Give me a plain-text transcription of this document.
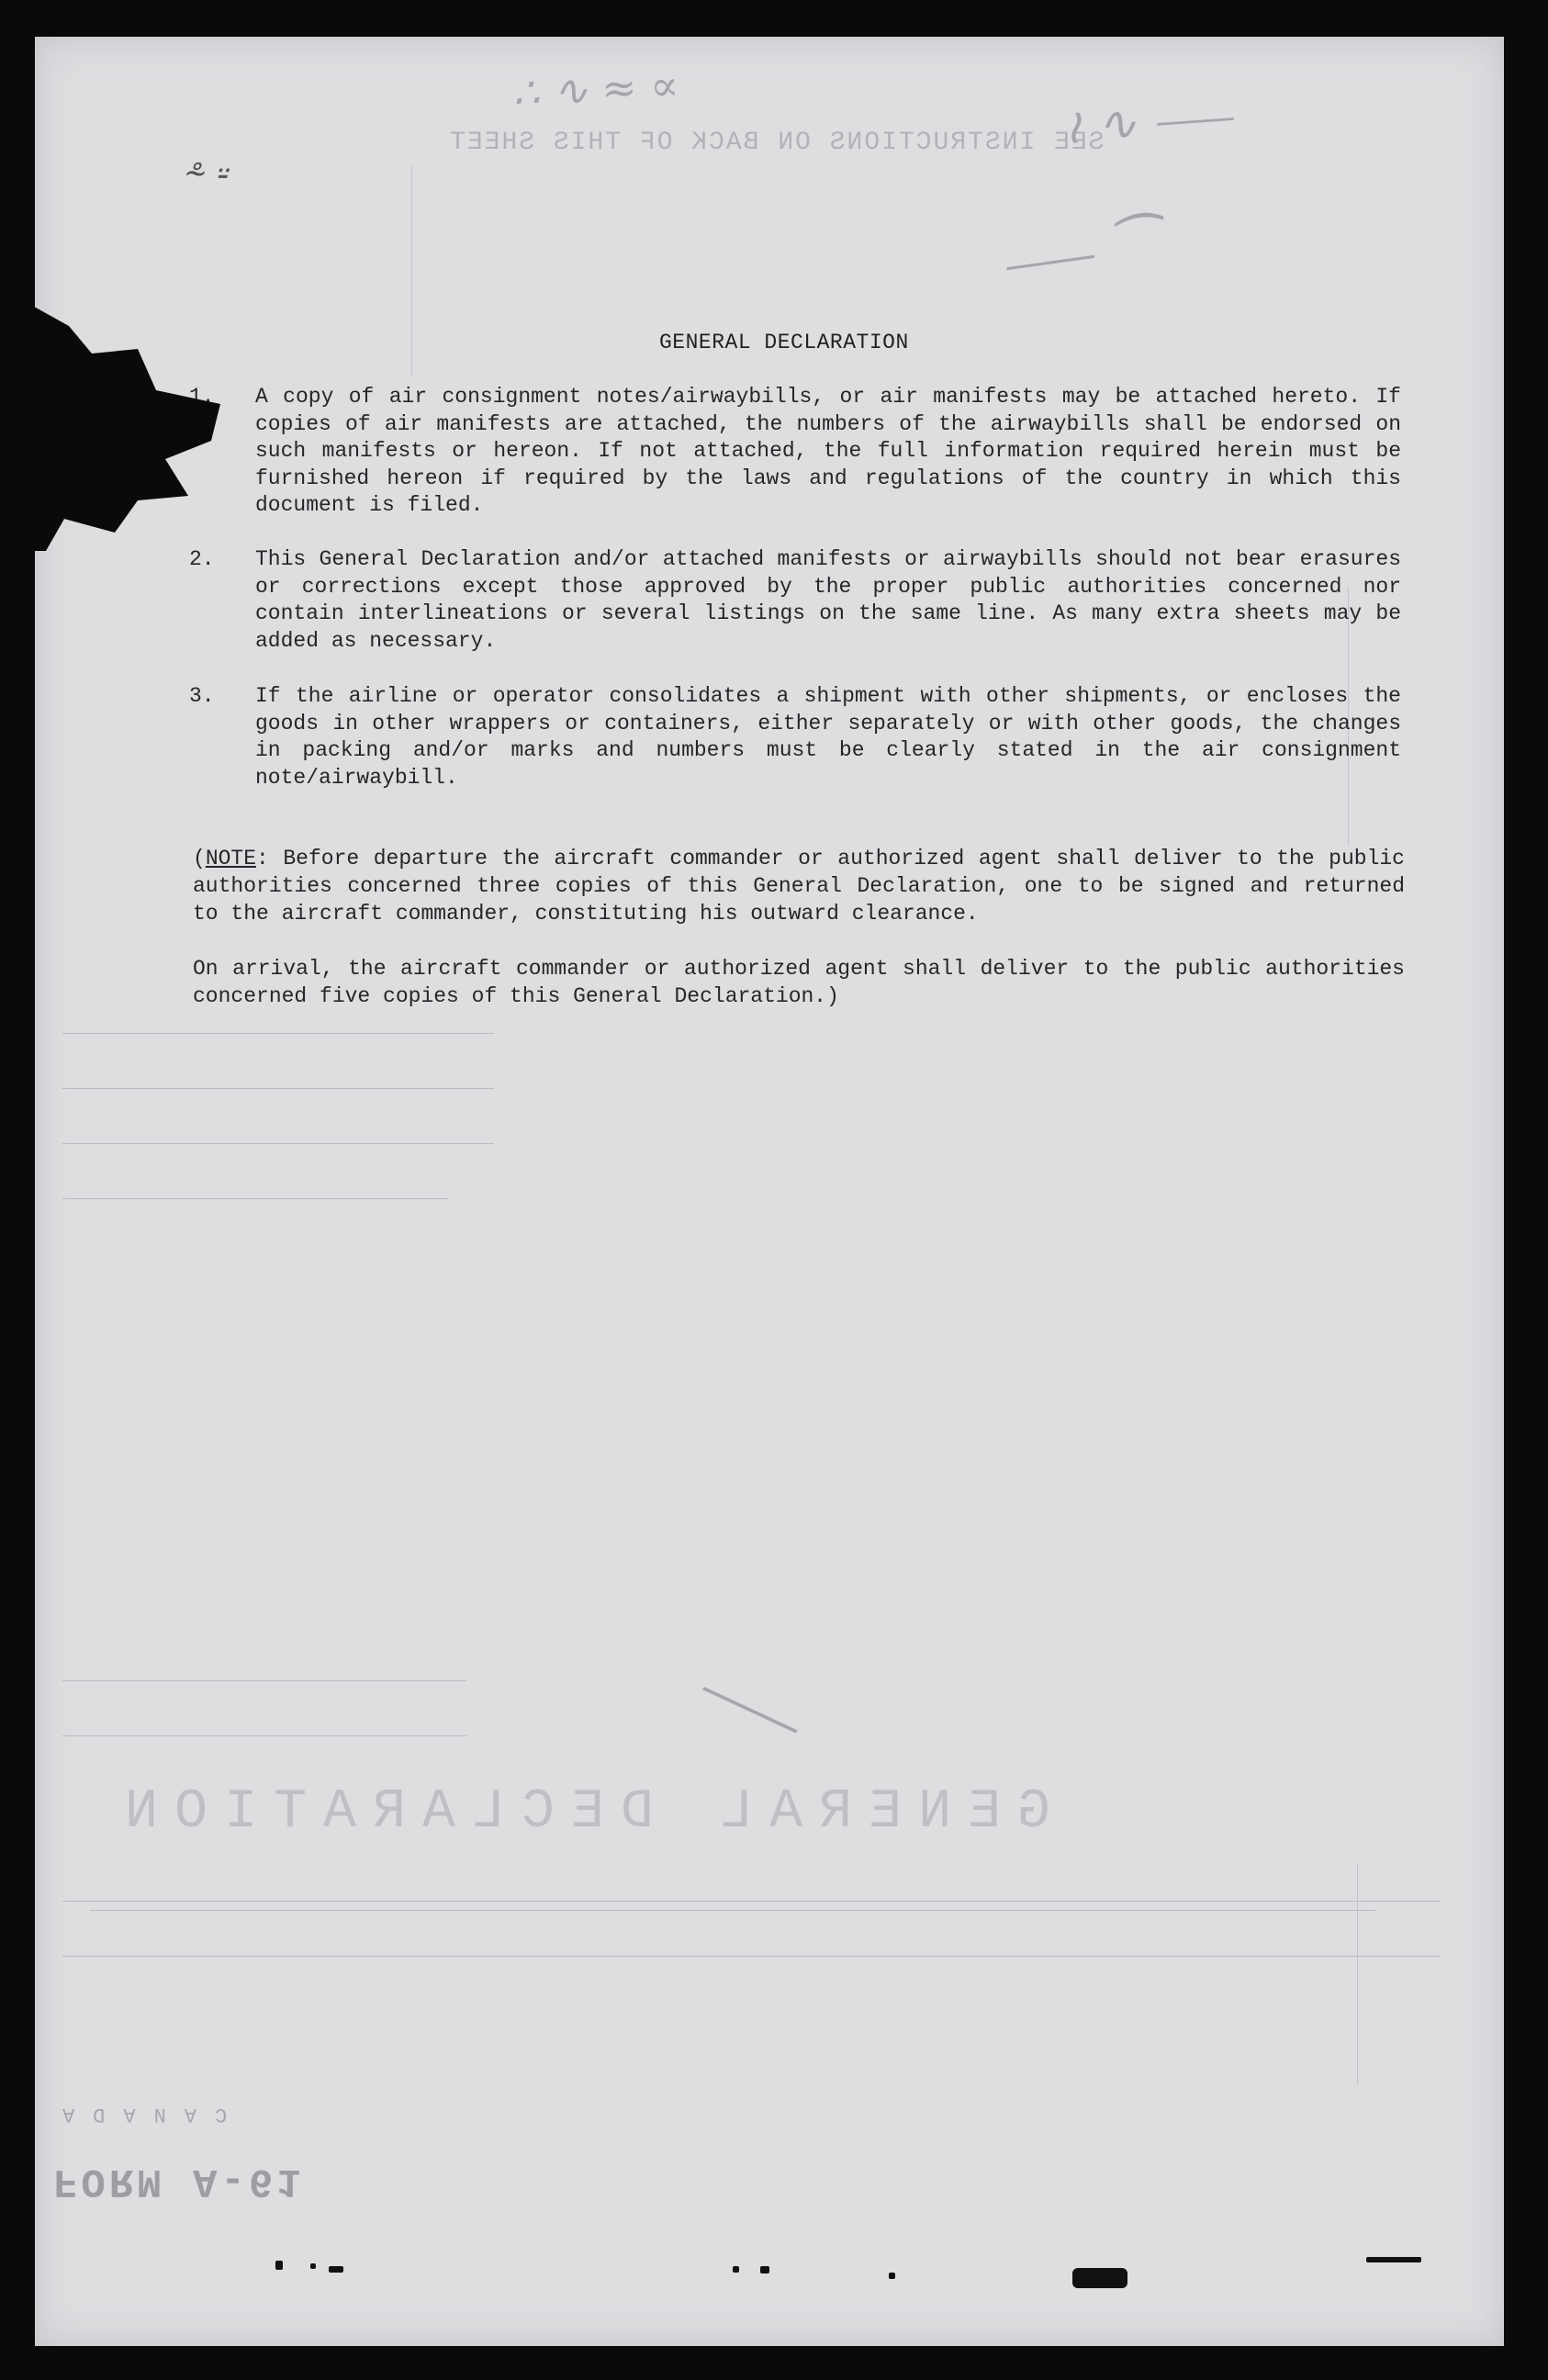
SEE INSTRUCTIONS ON BACK OF THIS SHEET
GENERAL DECLARATION
CANADA
FORM A-61
∴ ∿ ≈ ∝	≀ ∿ ⸺
⸺ ⁀
⸛ ⸚
⸺
GENERAL DECLARATION
1.	A copy of air consignment notes/airwaybills, or air manifests may be attached hereto. If copies of air manifests are attached, the numbers of the airwaybills shall be endorsed on such manifests or hereon. If not attached, the full information required herein must be furnished hereon if required by the laws and regulations of the country in which this document is filed.
2.	This General Declaration and/or attached manifests or airwaybills should not bear erasures or corrections except those approved by the proper public authorities concerned nor contain interlineations or several listings on the same line. As many extra sheets may be added as necessary.
3.	If the airline or operator consolidates a shipment with other shipments, or encloses the goods in other wrappers or containers, either separately or with other goods, the changes in packing and/or marks and numbers must be clearly stated in the air consignment note/airwaybill.
(NOTE: Before departure the aircraft commander or authorized agent shall deliver to the public authorities concerned three copies of this General Declaration, one to be signed and returned to the aircraft commander, constituting his outward clearance.
On arrival, the aircraft commander or authorized agent shall deliver to the public authorities concerned five copies of this General Declaration.)
